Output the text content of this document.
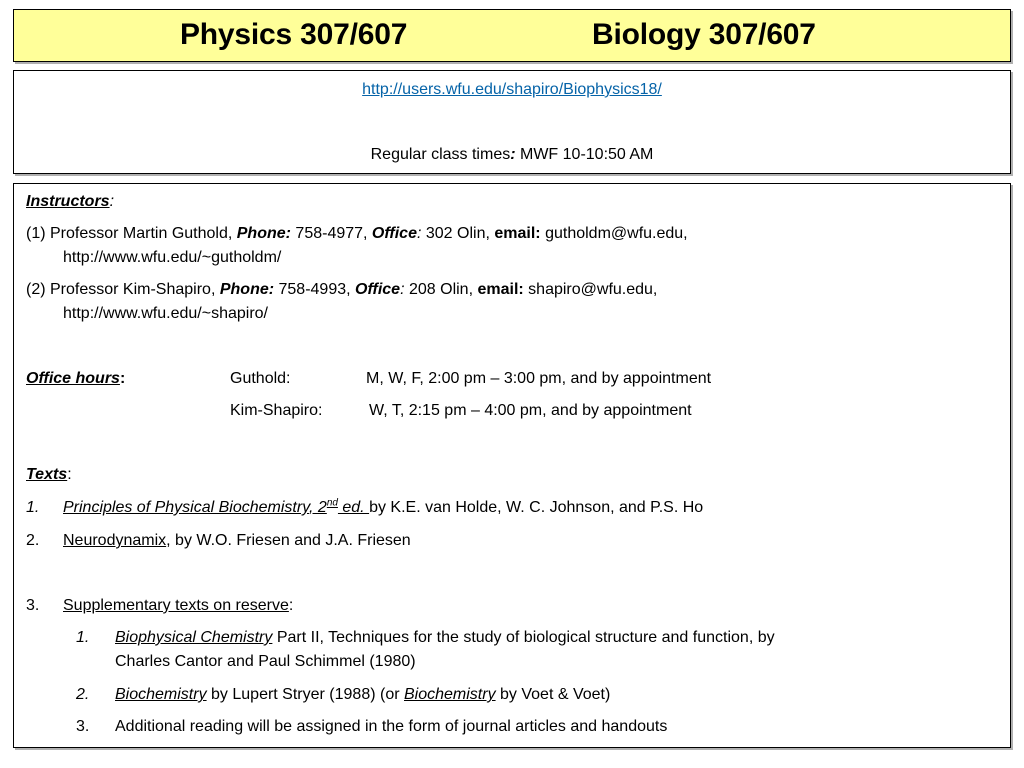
Physics 307/607	Biology 307/607
http://users.wfu.edu/shapiro/Biophysics18/
Regular class times: MWF 10-10:50 AM
Instructors:
(1) Professor Martin Guthold, Phone: 758-4977, Office: 302 Olin, email: gutholdm@wfu.edu,
http://www.wfu.edu/~gutholdm/
(2) Professor Kim-Shapiro, Phone: 758-4993, Office: 208 Olin, email: shapiro@wfu.edu,
http://www.wfu.edu/~shapiro/
Office hours:	Guthold:	M, W, F, 2:00 pm – 3:00 pm, and by appointment
Kim-Shapiro:	W, T, 2:15 pm – 4:00 pm, and by appointment
Texts:
1. Principles of Physical Biochemistry, 2nd ed. by K.E. van Holde, W. C. Johnson, and P.S. Ho
2. Neurodynamix, by W.O. Friesen and J.A. Friesen
3. Supplementary texts on reserve:
1. Biophysical Chemistry Part II, Techniques for the study of biological structure and function, by
Charles Cantor and Paul Schimmel (1980)
2. Biochemistry by Lupert Stryer (1988) (or Biochemistry by Voet & Voet)
3. Additional reading will be assigned in the form of journal articles and handouts
